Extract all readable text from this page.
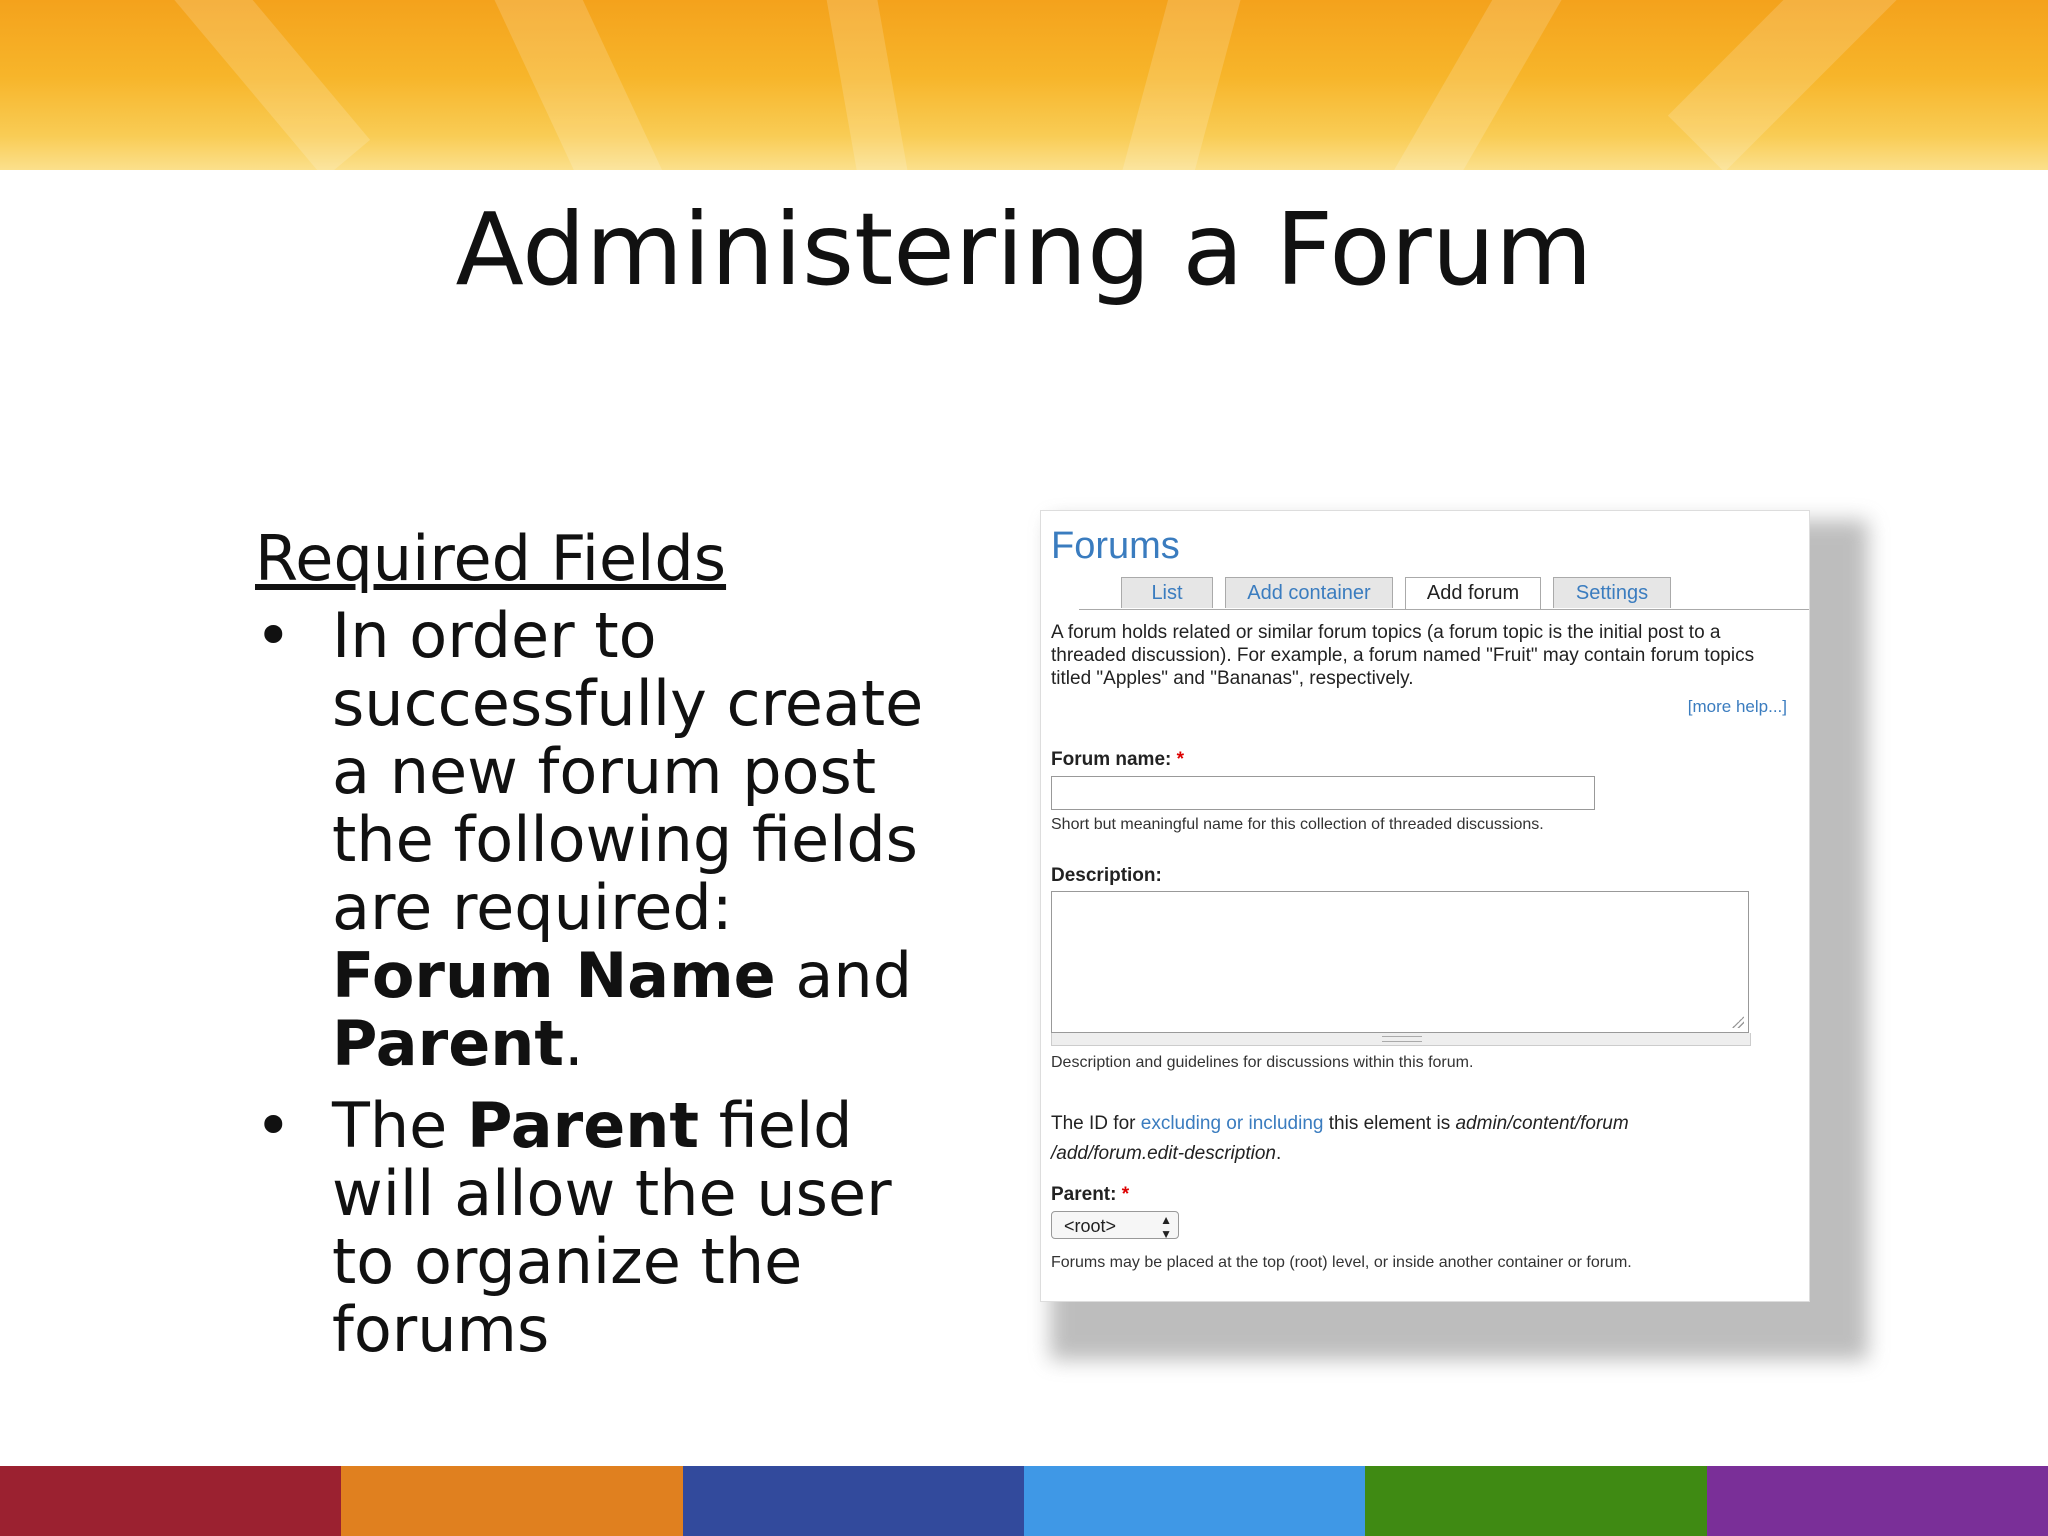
Administering a Forum
Required Fields
• In order to successfully create a new forum post the following fields are required: Forum Name and Parent.
• The Parent field will allow the user to organize the forums
Forums
List	Add container	Add forum	Settings
A forum holds related or similar forum topics (a forum topic is the initial post to a threaded discussion). For example, a forum named "Fruit" may contain forum topics titled "Apples" and "Bananas", respectively.
[more help...]
Forum name: *
Short but meaningful name for this collection of threaded discussions.
Description:
Description and guidelines for discussions within this forum.
The ID for excluding or including this element is admin/content/forum /add/forum.edit-description.
Parent: *
<root>	▲
▼
Forums may be placed at the top (root) level, or inside another container or forum.
